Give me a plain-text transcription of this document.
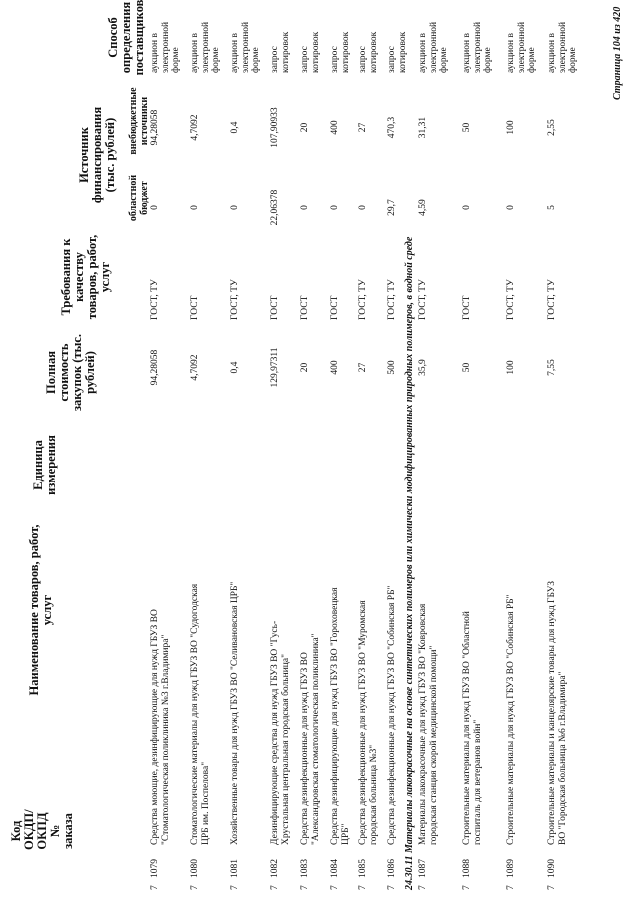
Код ОКДП/ ОКПД № заказа
Наименование товаров, работ, услуг
Единица измерения
Полная стоимость закупок (тыс. рублей)
Требования к качеству товаров, работ, услуг
Источник финансирования (тыс. рублей)
областной бюджет
внебюджетные источники
Способ определения поставщиков
7
1079
Средства моющие, дезинфицирующие для нужд ГБУЗ ВО "Стоматологическая поликлиника №3 г.Владимира"
94,28058
ГОСТ, ТУ
0
94,28058
аукцион в электронной форме
7
1080
Стоматологические материалы для нужд ГБУЗ ВО "Судогодская ЦРБ им. Поспелова"
4,7092
ГОСТ
0
4,7092
аукцион в электронной форме
7
1081
Хозяйственные товары для нужд ГБУЗ ВО "Селивановская ЦРБ"
0,4
ГОСТ, ТУ
0
0,4
аукцион в электронной форме
7
1082
Дезинфицирующие средства для нужд ГБУЗ ВО "Гусь-Хрустальная центральная городская больница"
129,97311
ГОСТ
22,06378
107,90933
запрос котировок
7
1083
Средства дезинфекционные для нужд ГБУЗ ВО "Александровская стоматологическая поликлиника"
20
ГОСТ
0
20
запрос котировок
7
1084
Средства дезинфицирующие для нужд ГБУЗ ВО "Гороховецкая ЦРБ"
400
ГОСТ
0
400
запрос котировок
7
1085
Средства дезинфекционные для нужд ГБУЗ ВО "Муромская городская больница №3"
27
ГОСТ, ТУ
0
27
запрос котировок
7
1086
Средства дезинфекционные для нужд ГБУЗ ВО "Собинская РБ"
500
ГОСТ, ТУ
29,7
470,3
запрос котировок
7
1087
Материалы лакокрасочные для нужд ГБУЗ ВО "Ковровская городская станция скорой медицинской помощи"
35,9
ГОСТ, ТУ
4,59
31,31
аукцион в электронной форме
7
1088
Строительные материалы для нужд ГБУЗ ВО "Областной госпиталь для ветеранов войн"
50
ГОСТ
0
50
аукцион в электронной форме
7
1089
Строительные материалы для нужд ГБУЗ ВО "Собинская РБ"
100
ГОСТ, ТУ
0
100
аукцион в электронной форме
7
1090
Строительные материалы и канцелярские товары для нужд ГБУЗ ВО "Городская больница №6 г.Владимира"
7,55
ГОСТ, ТУ
5
2,55
аукцион в электронной форме
24.30.11 Материалы лакокрасочные на основе синтетических полимеров или химически модифицированных природных полимеров, в водной среде
Страница 104 из 420
